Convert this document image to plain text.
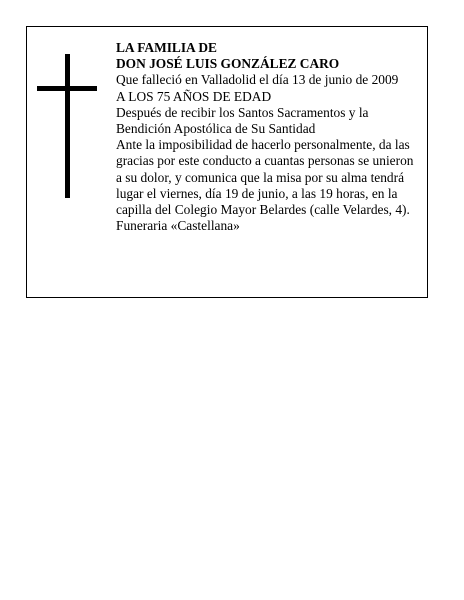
LA FAMILIA DE
DON JOSÉ LUIS GONZÁLEZ CARO
Que falleció en Valladolid el día 13 de junio de 2009
A LOS 75 AÑOS DE EDAD
Después de recibir los Santos Sacramentos y la
Bendición Apostólica de Su Santidad
Ante la imposibilidad de hacerlo personalmente, da las
gracias por este conducto a cuantas personas se unieron
a su dolor, y comunica que la misa por su alma tendrá
lugar el viernes, día 19 de junio, a las 19 horas, en la
capilla del Colegio Mayor Belardes (calle Velardes, 4).
Funeraria «Castellana»
